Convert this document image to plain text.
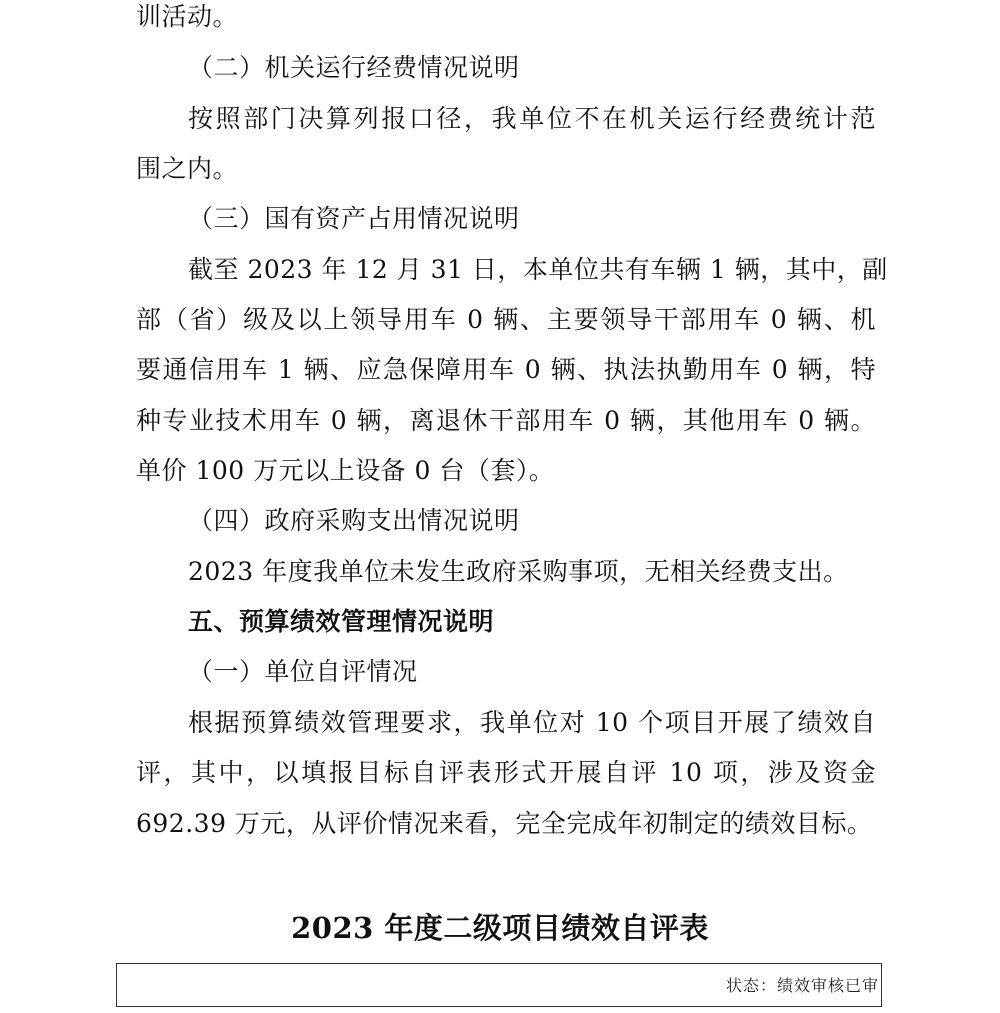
训活动。
（二）机关运行经费情况说明
按照部门决算列报口径，我单位不在机关运行经费统计范
围之内。
（三）国有资产占用情况说明
截至 2023 年 12 月 31 日，本单位共有车辆 1 辆，其中，副
部（省）级及以上领导用车 0 辆、主要领导干部用车 0 辆、机
要通信用车 1 辆、应急保障用车 0 辆、执法执勤用车 0 辆，特
种专业技术用车 0 辆，离退休干部用车 0 辆，其他用车 0 辆。
单价 100 万元以上设备 0 台（套）。
（四）政府采购支出情况说明
2023 年度我单位未发生政府采购事项，无相关经费支出。
五、预算绩效管理情况说明
（一）单位自评情况
根据预算绩效管理要求，我单位对 10 个项目开展了绩效自
评，其中，以填报目标自评表形式开展自评 10 项，涉及资金
692.39 万元，从评价情况来看，完全完成年初制定的绩效目标。
2023 年度二级项目绩效自评表
状态：绩效审核已审
